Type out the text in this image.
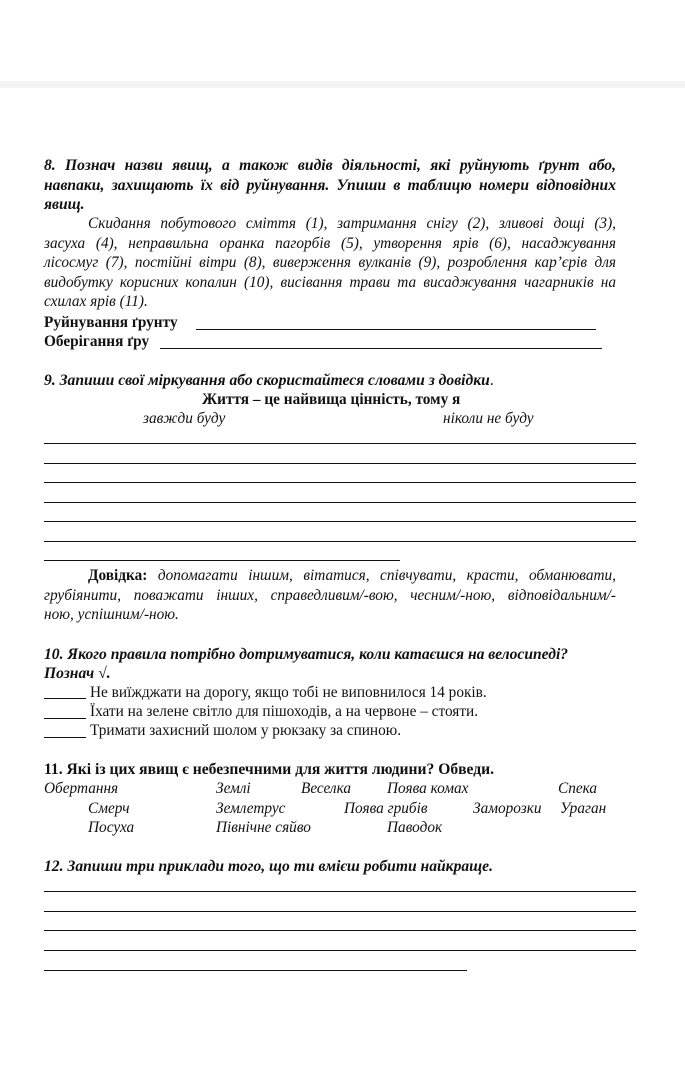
8. Познач назви явищ, а також видів діяльності, які руйнують ґрунт або,
навпаки, захищають їх від руйнування. Упиши в таблицю номери відповідних
явищ.
Скидання побутового сміття (1), затримання снігу (2), зливові дощі (3),
засуха (4), неправильна оранка пагорбів (5), утворення ярів (6), насаджування
лісосмуг (7), постійні вітри (8), виверження вулканів (9), розроблення кар’єрів для
видобутку корисних копалин (10), висівання трави та висаджування чагарників на
схилах ярів (11).
Руйнування ґрунту
Оберігання ґру
9. Запиши свої міркування або скористайтеся словами з довідки.
Життя – це найвища цінність, тому я
завжди буду	ніколи не буду
Довідка: допомагати іншим, вітатися, співчувати, красти, обманювати,
грубіянити, поважати інших, справедливим/-вою, чесним/-ною, відповідальним/-
ною, успішним/-ною.
10. Якого правила потрібно дотримуватися, коли катаєшся на велосипеді?
Познач √.
Не виїжджати на дорогу, якщо тобі не виповнилося 14 років.
Їхати на зелене світло для пішоходів, а на червоне – стояти.
Тримати захисний шолом у рюкзаку за спиною.
11. Які із цих явищ є небезпечними для життя людини? Обведи.
Обертання	Землі	Веселка Поява комах	Спека
Смерч	Землетрус	Поява грибів	Заморозки Ураган
Посуха	Північне сяйво	Паводок
12. Запиши три приклади того, що ти вмієш робити найкраще.
